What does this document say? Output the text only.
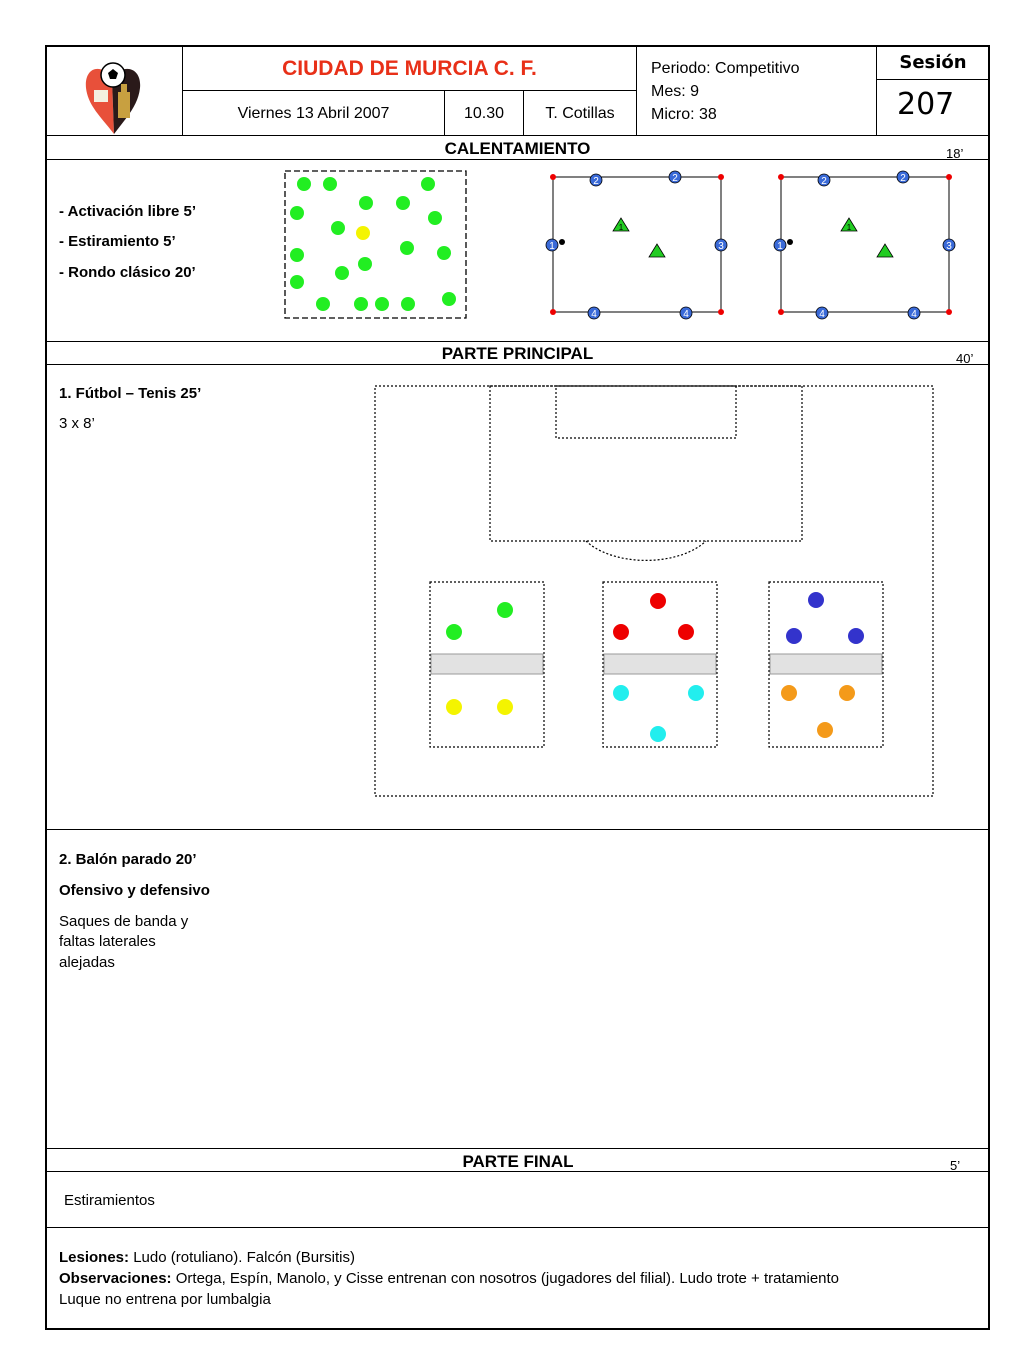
CIUDAD DE MURCIA C. F.
Viernes 13 Abril 2007	10.30	T. Cotillas
Periodo: Competitivo
Mes: 9
Micro: 38
Sesión
207
CALENTAMIENTO	18’
- Activación libre 5’
- Estiramiento 5’
- Rondo clásico 20’
2	2
1	3
4	4
1
2	2
1	3
4	4
1
PARTE PRINCIPAL	40’
1. Fútbol – Tenis 25’
3 x 8’
2. Balón parado 20’
Ofensivo y defensivo
Saques de banda y
faltas laterales
alejadas
PARTE FINAL	5’
Estiramientos
Lesiones: Ludo (rotuliano). Falcón (Bursitis)
Observaciones: Ortega, Espín, Manolo, y Cisse entrenan con nosotros (jugadores del filial). Ludo trote + tratamiento
Luque no entrena por lumbalgia
